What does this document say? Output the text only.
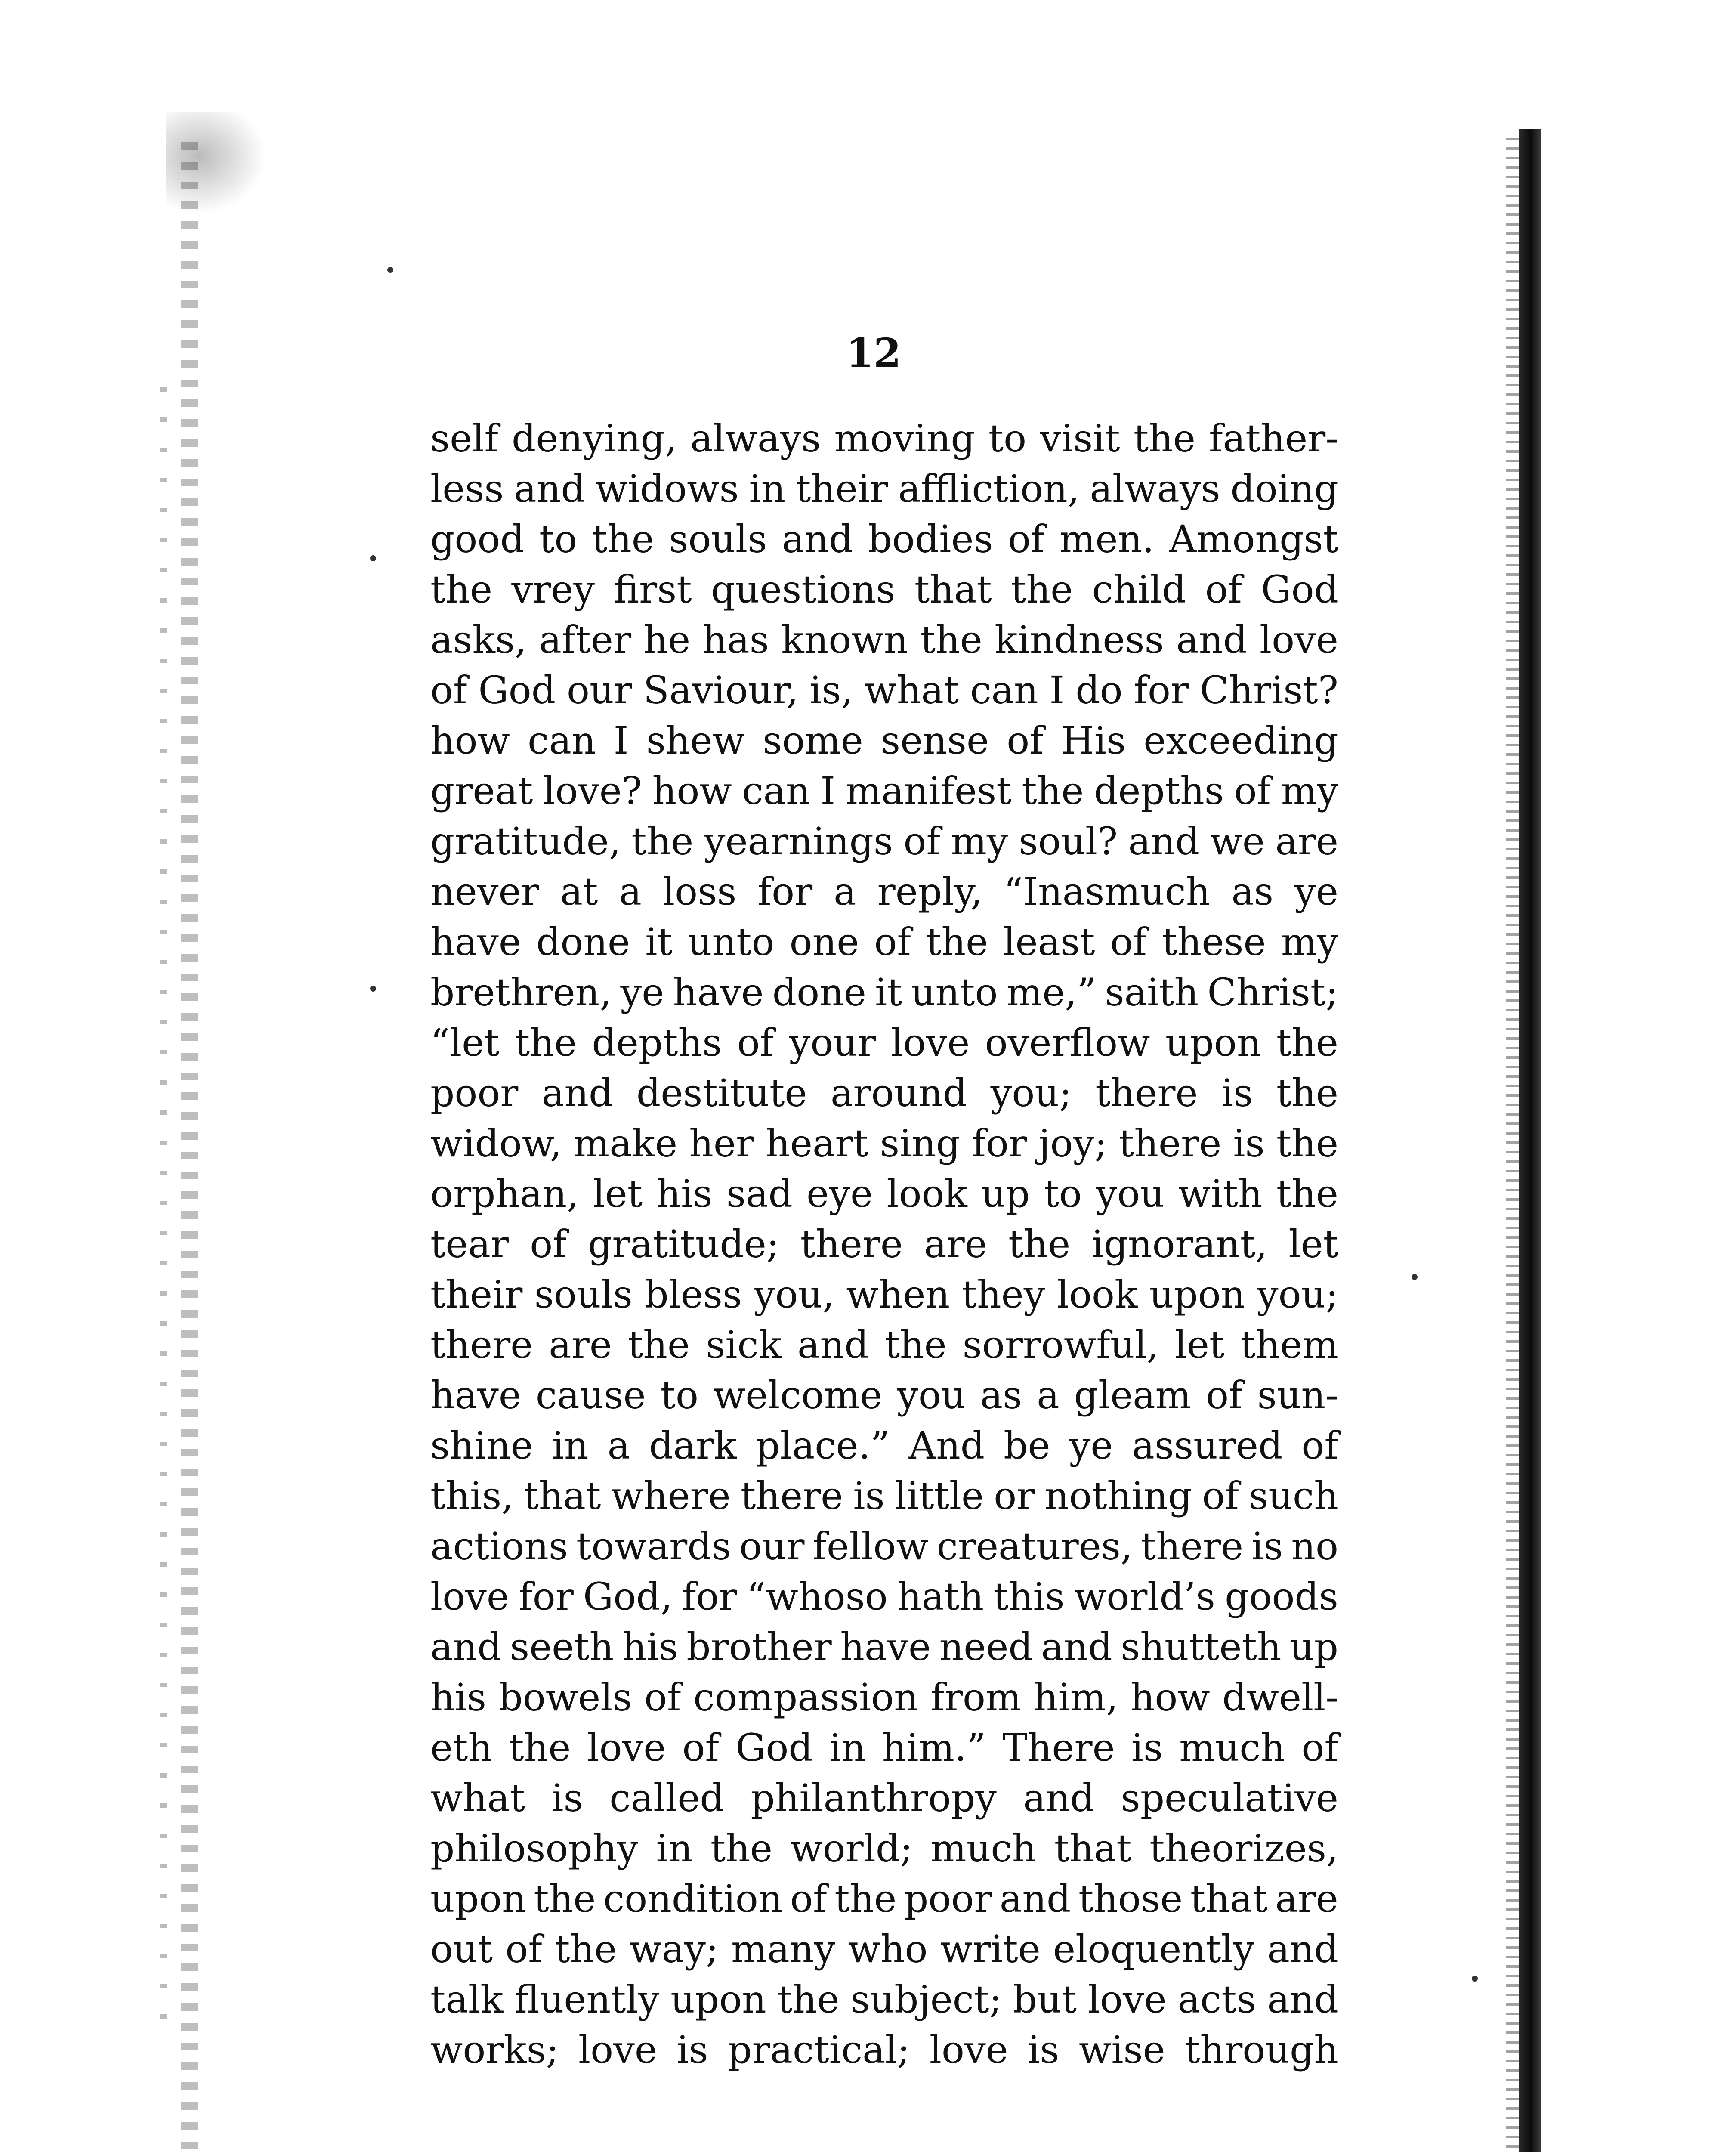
12
self denying, always moving to visit the father-
less and widows in their affliction, always doing
good to the souls and bodies of men. Amongst
the vrey first questions that the child of God
asks, after he has known the kindness and love
of God our Saviour, is, what can I do for Christ?
how can I shew some sense of His exceeding
great love? how can I manifest the depths of my
gratitude, the yearnings of my soul? and we are
never at a loss for a reply, “Inasmuch as ye
have done it unto one of the least of these my
brethren, ye have done it unto me,” saith Christ;
“let the depths of your love overflow upon the
poor and destitute around you; there is the
widow, make her heart sing for joy; there is the
orphan, let his sad eye look up to you with the
tear of gratitude; there are the ignorant, let
their souls bless you, when they look upon you;
there are the sick and the sorrowful, let them
have cause to welcome you as a gleam of sun-
shine in a dark place.” And be ye assured of
this, that where there is little or nothing of such
actions towards our fellow creatures, there is no
love for God, for “whoso hath this world’s goods
and seeth his brother have need and shutteth up
his bowels of compassion from him, how dwell-
eth the love of God in him.” There is much of
what is called philanthropy and speculative
philosophy in the world; much that theorizes,
upon the condition of the poor and those that are
out of the way; many who write eloquently and
talk fluently upon the subject; but love acts and
works; love is practical; love is wise through
